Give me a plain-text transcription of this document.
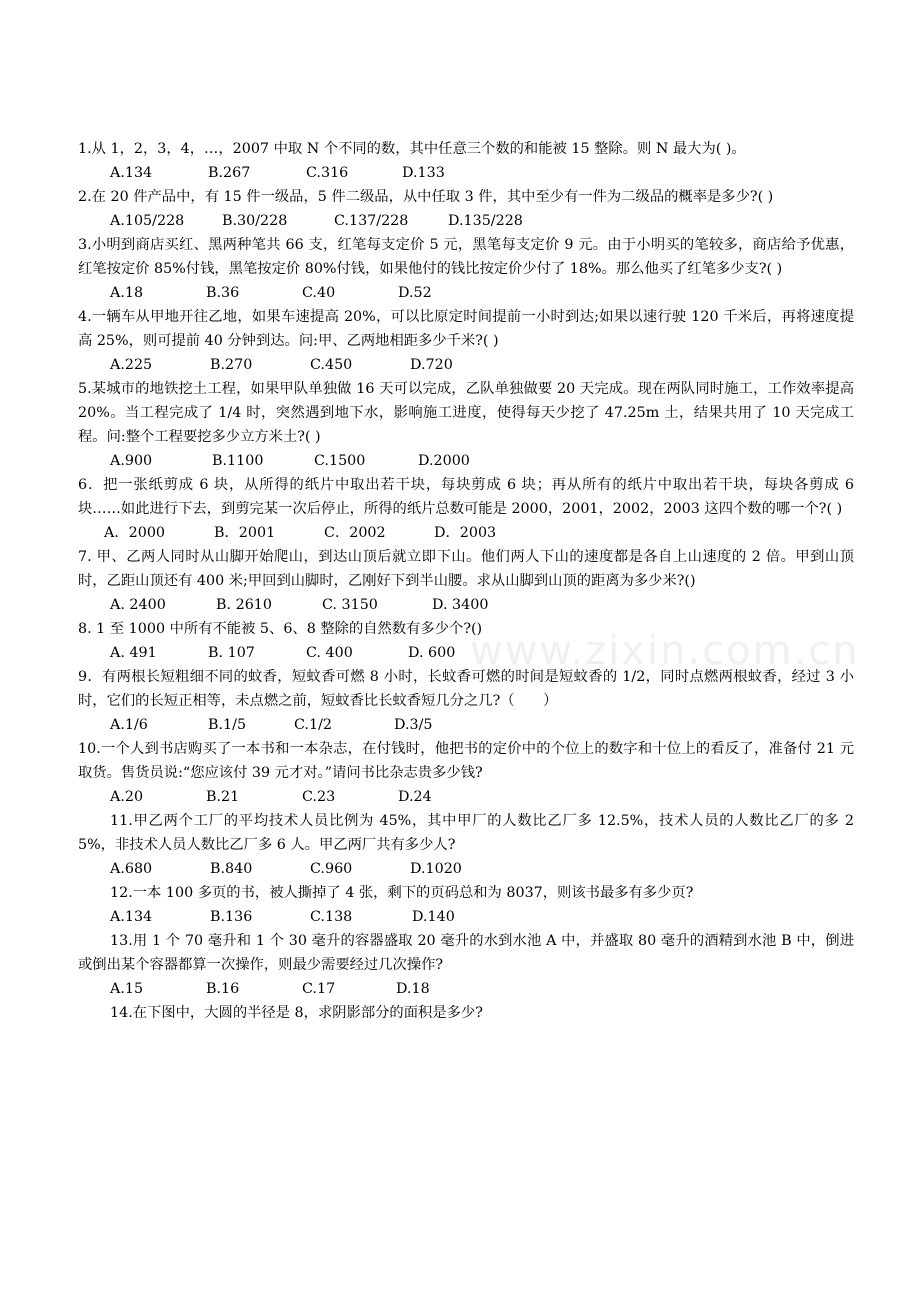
www.zixin.com.cn

1.从 1，2，3，4，…，2007 中取 N 个不同的数，其中任意三个数的和能被 15 整除。则 N 最大为( )。

A.134	B.267	C.316	D.133

2.在 20 件产品中，有 15 件一级品，5 件二级品，从中任取 3 件，其中至少有一件为二级品的概率是多少?( )

A.105/228	B.30/228	C.137/228	D.135/228

3.小明到商店买红、黑两种笔共 66 支，红笔每支定价 5 元，黑笔每支定价 9 元。由于小明买的笔较多，商店给予优惠，红笔按定价 85%付钱，黑笔按定价 80%付钱，如果他付的钱比按定价少付了 18%。那么他买了红笔多少支?( )

A.18	B.36	C.40	D.52

4.一辆车从甲地开往乙地，如果车速提高 20%，可以比原定时间提前一小时到达;如果以速行驶 120 千米后，再将速度提高 25%，则可提前 40 分钟到达。问:甲、乙两地相距多少千米?( )

A.225	B.270	C.450	D.720

5.某城市的地铁挖土工程，如果甲队单独做 16 天可以完成，乙队单独做要 20 天完成。现在两队同时施工，工作效率提高 20%。当工程完成了 1/4 时，突然遇到地下水，影响施工进度，使得每天少挖了 47.25m 土，结果共用了 10 天完成工程。问:整个工程要挖多少立方米土?( )

A.900	B.1100	C.1500	D.2000

6．把一张纸剪成 6 块，从所得的纸片中取出若干块，每块剪成 6 块；再从所有的纸片中取出若干块，每块各剪成 6 块……如此进行下去，到剪完某一次后停止，所得的纸片总数可能是 2000，2001，2002，2003 这四个数的哪一个?( )

A．2000	B．2001	C．2002	D．2003

7. 甲、乙两人同时从山脚开始爬山，到达山顶后就立即下山。他们两人下山的速度都是各自上山速度的 2 倍。甲到山顶时，乙距山顶还有 400 米;甲回到山脚时，乙刚好下到半山腰。求从山脚到山顶的距离为多少米?()

A. 2400	B. 2610	C. 3150	D. 3400

8. 1 至 1000 中所有不能被 5、6、8 整除的自然数有多少个?()

A. 491	B. 107	C. 400	D. 600

9．有两根长短粗细不同的蚊香，短蚊香可燃 8 小时，长蚊香可燃的时间是短蚊香的 1/2，同时点燃两根蚊香，经过 3 小时，它们的长短正相等，未点燃之前，短蚊香比长蚊香短几分之几?（　　）

A.1/6	B.1/5	C.1/2	D.3/5

10.一个人到书店购买了一本书和一本杂志，在付钱时，他把书的定价中的个位上的数字和十位上的看反了，准备付 21 元取货。售货员说:“您应该付 39 元才对。”请问书比杂志贵多少钱?

A.20	B.21	C.23	D.24

11.甲乙两个工厂的平均技术人员比例为 45%，其中甲厂的人数比乙厂多 12.5%，技术人员的人数比乙厂的多 25%，非技术人员人数比乙厂多 6 人。甲乙两厂共有多少人?

A.680	B.840	C.960	D.1020

12.一本 100 多页的书，被人撕掉了 4 张，剩下的页码总和为 8037，则该书最多有多少页?

A.134	B.136	C.138	D.140

13.用 1 个 70 毫升和 1 个 30 毫升的容器盛取 20 毫升的水到水池 A 中，并盛取 80 毫升的酒精到水池 B 中，倒进或倒出某个容器都算一次操作，则最少需要经过几次操作?

A.15	B.16	C.17	D.18

14.在下图中，大圆的半径是 8，求阴影部分的面积是多少?
